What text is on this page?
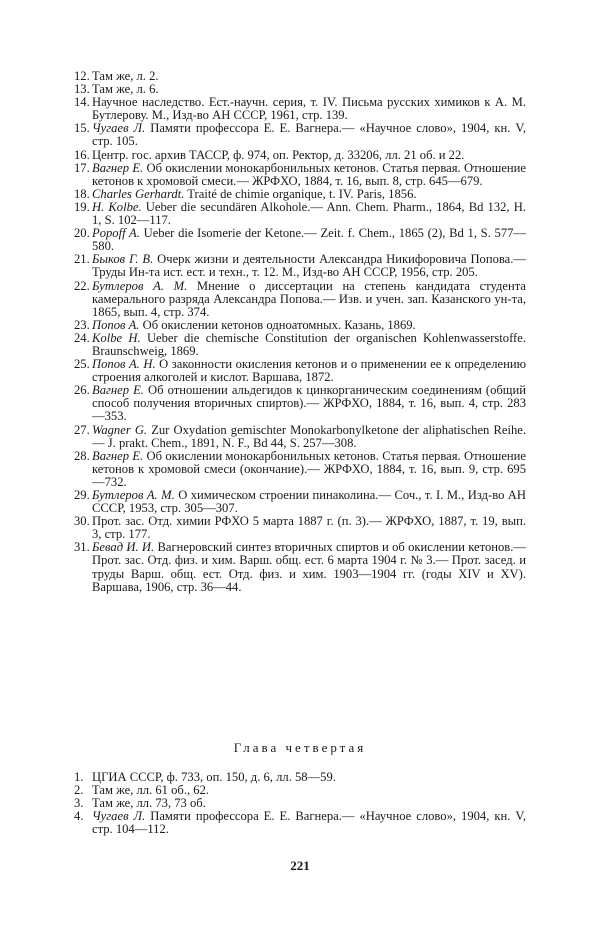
12. Там же, л. 2.

13. Там же, л. 6.

14. Научное наследство. Ест.-научн. серия, т. IV. Письма русских химиков к А. М. Бутлерову. М., Изд-во АН СССР, 1961, стр. 139.

15. Чугаев Л. Памяти профессора Е. Е. Вагнера.— «Научное слово», 1904, кн. V, стр. 105.

16. Центр. гос. архив ТАССР, ф. 974, оп. Ректор, д. 33206, лл. 21 об. и 22.

17. Вагнер Е. Об окислении монокарбонильных кетонов. Статья первая. Отношение кетонов к хромовой смеси.— ЖРФХО, 1884, т. 16, вып. 8, стр. 645—679.

18. Charles Gerhardt. Traité de chimie organique, t. IV. Paris, 1856.

19. H. Kolbe. Ueber die secundären Alkohole.— Ann. Chem. Pharm., 1864, Bd 132, H. 1, S. 102—117.

20. Popoff A. Ueber die Isomerie der Ketone.— Zeit. f. Chem., 1865 (2), Bd 1, S. 577—580.

21. Быков Г. В. Очерк жизни и деятельности Александра Никифоровича Попова.— Труды Ин-та ист. ест. и техн., т. 12. М., Изд-во АН СССР, 1956, стр. 205.

22. Бутлеров А. М. Мнение о диссертации на степень кандидата студента камерального разряда Александра Попова.— Изв. и учен. зап. Казанского ун-та, 1865, вып. 4, стр. 374.

23. Попов А. Об окислении кетонов одноатомных. Казань, 1869.

24. Kolbe H. Ueber die chemische Constitution der organischen Kohlenwasserstoffe. Braunschweig, 1869.

25. Попов А. Н. О законности окисления кетонов и о применении ее к определению строения алкоголей и кислот. Варшава, 1872.

26. Вагнер Е. Об отношении альдегидов к цинкорганическим соединениям (общий способ получения вторичных спиртов).— ЖРФХО, 1884, т. 16, вып. 4, стр. 283—353.

27. Wagner G. Zur Oxydation gemischter Monokarbonylketone der aliphatischen Reihe.— J. prakt. Chem., 1891, N. F., Bd 44, S. 257—308.

28. Вагнер Е. Об окислении монокарбонильных кетонов. Статья первая. Отношение кетонов к хромовой смеси (окончание).— ЖРФХО, 1884, т. 16, вып. 9, стр. 695—732.

29. Бутлеров А. М. О химическом строении пинаколина.— Соч., т. I. М., Изд-во АН СССР, 1953, стр. 305—307.

30. Прот. зас. Отд. химии РФХО 5 марта 1887 г. (п. 3).— ЖРФХО, 1887, т. 19, вып. 3, стр. 177.

31. Бевад И. И. Вагнеровский синтез вторичных спиртов и об окислении кетонов.— Прот. зас. Отд. физ. и хим. Варш. общ. ест. 6 марта 1904 г. № 3.— Прот. засед. и труды Варш. общ. ест. Отд. физ. и хим. 1903—1904 гг. (годы XIV и XV). Варшава, 1906, стр. 36—44.

Глава четвертая

1. ЦГИА СССР, ф. 733, оп. 150, д. 6, лл. 58—59.

2. Там же, лл. 61 об., 62.

3. Там же, лл. 73, 73 об.

4. Чугаев Л. Памяти профессора Е. Е. Вагнера.— «Научное слово», 1904, кн. V, стр. 104—112.

221
